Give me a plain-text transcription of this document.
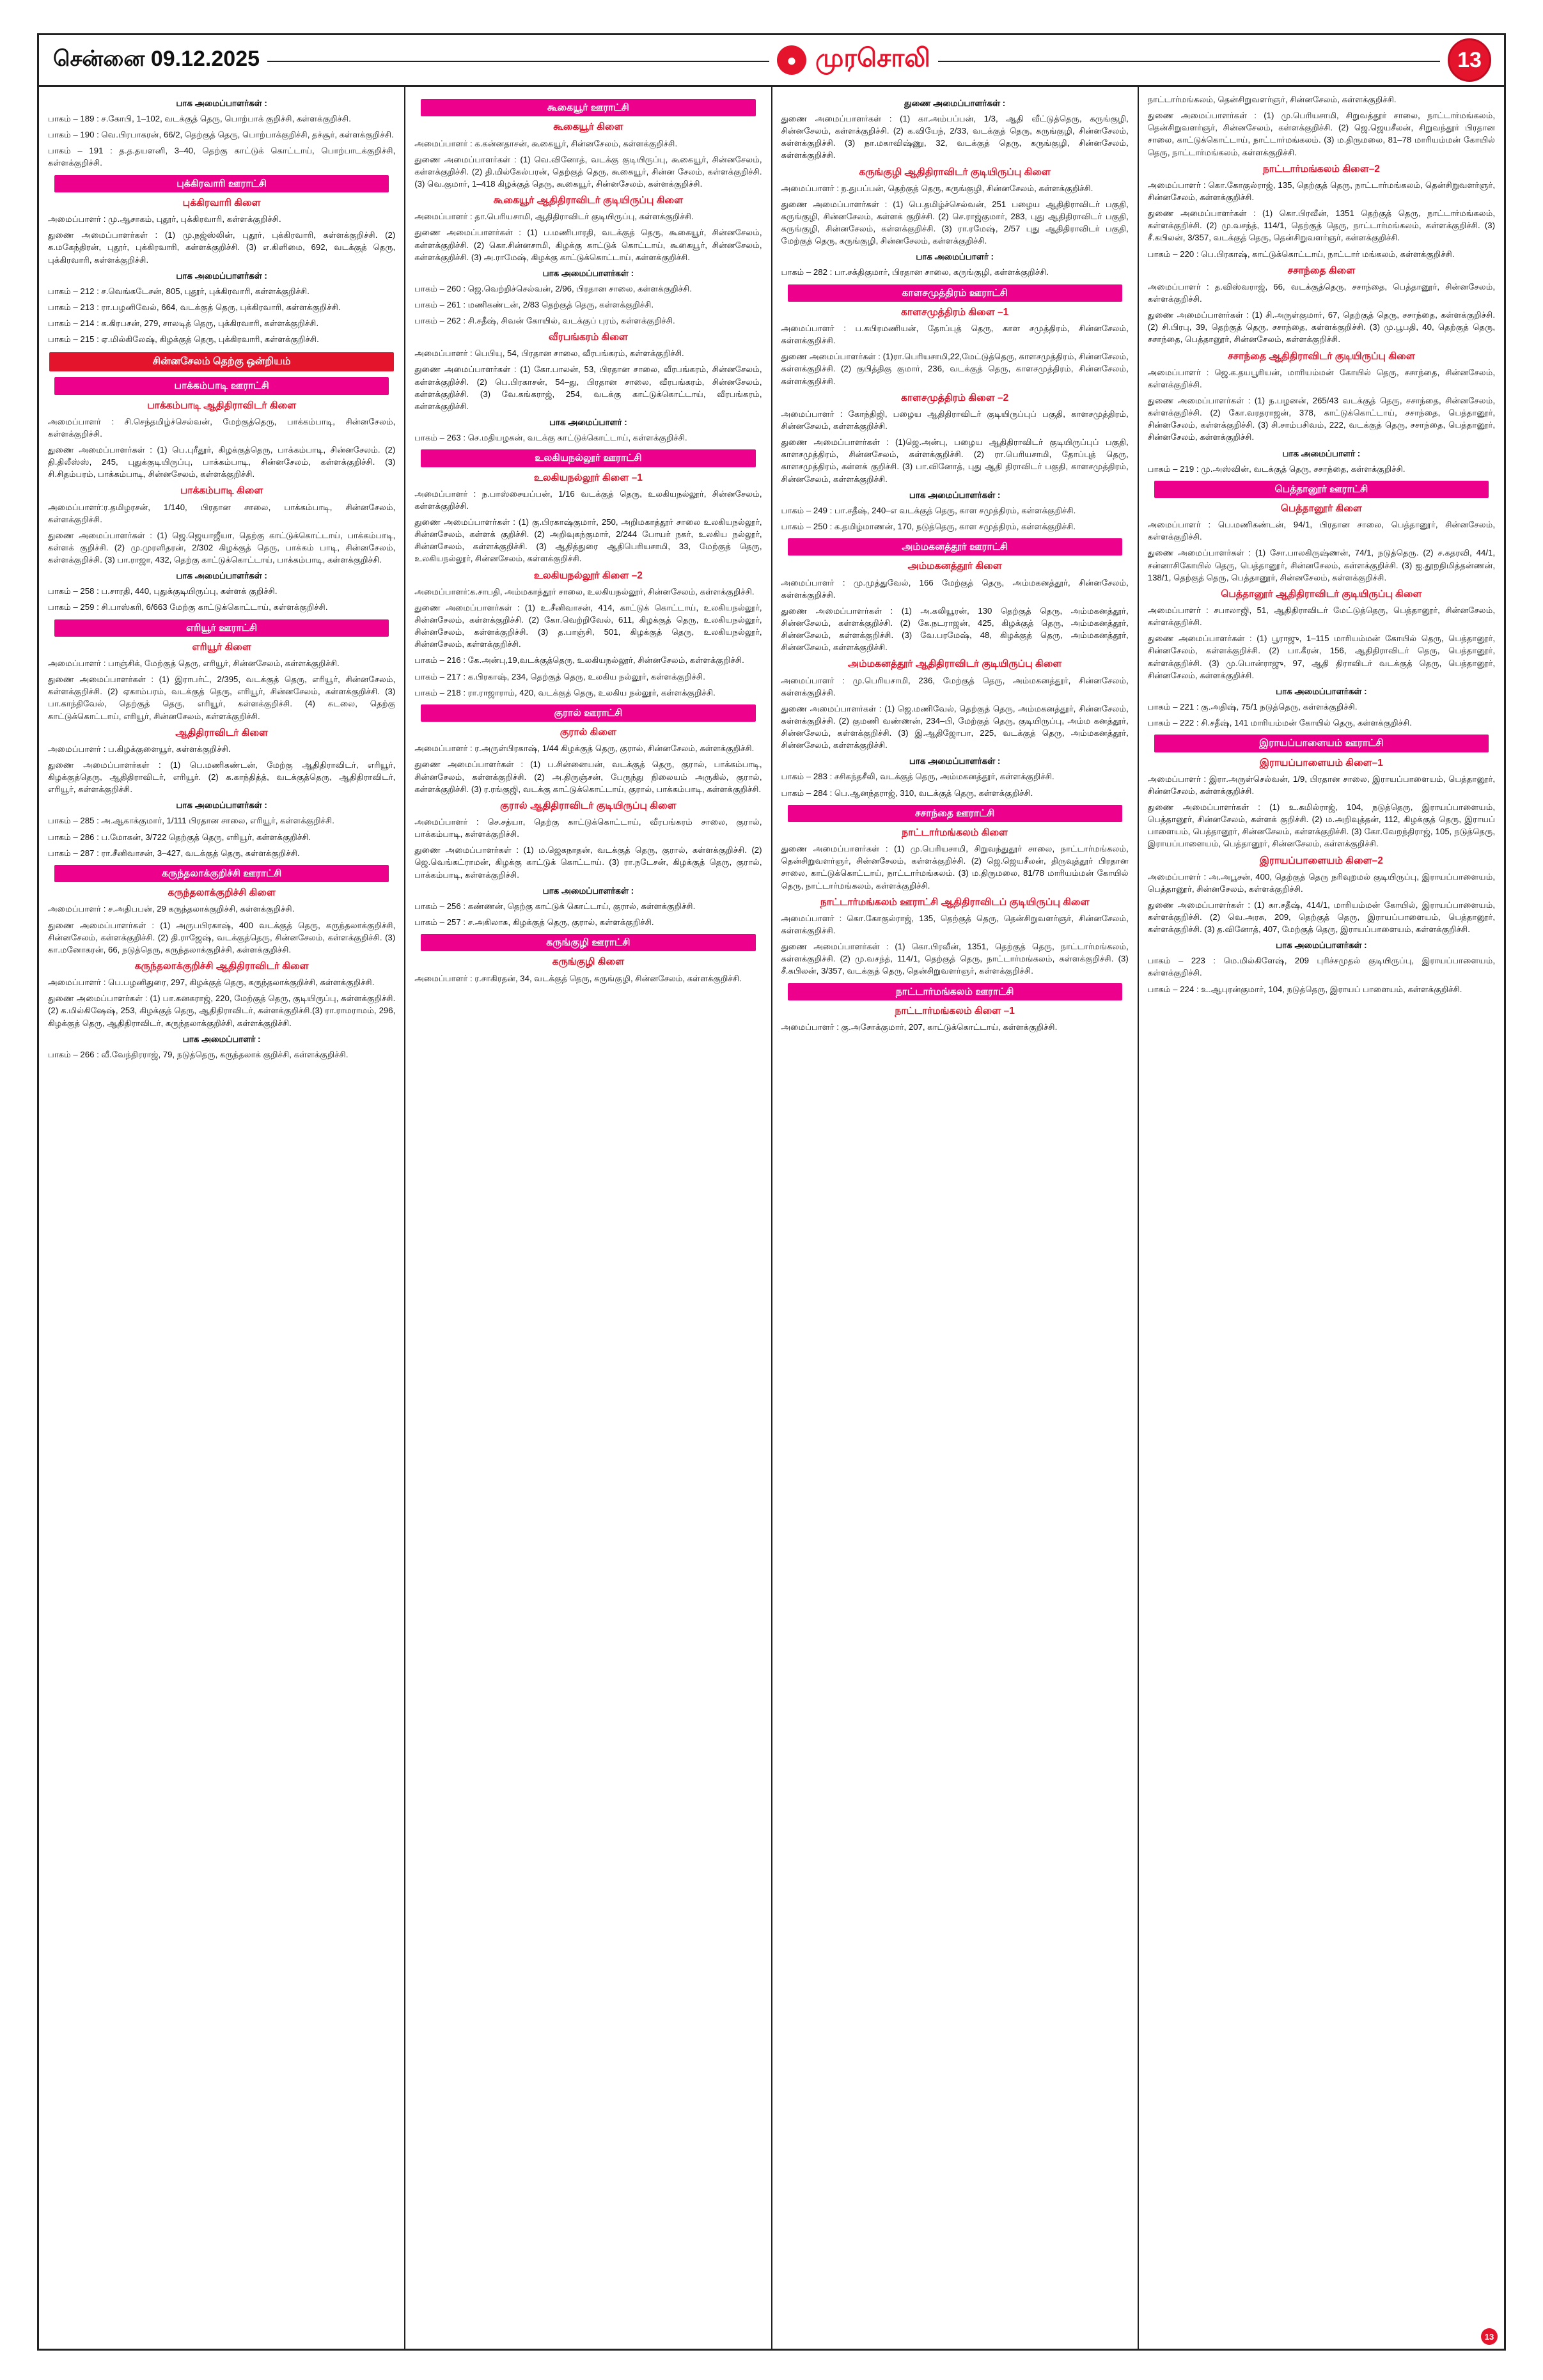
சென்னை 09.12.2025	● முரசொலி	13
பாக அமைப்பாளர்கள் :
பாகம் – 189 : ச.கோபி, 1–102, வடக்குத் தெரு, பொற்பாக் குறிச்சி, கள்ளக்குறிச்சி.
பாகம் – 190 : வெ.பிரபாகரன், 66/2, தெற்குத் தெரு, பொற்பாக்குறிச்சி, தச்சூர், கள்ளக்குறிச்சி.
பாகம் – 191 : த.த.தயளனி, 3–40, தெற்கு காட்டுக் கொட்டாய், பொற்பாடக்குறிச்சி, கள்ளக்குறிச்சி.
புக்கிரவாரி ஊராட்சி
புக்கிரவாரி கிளை
அமைப்பாளர் : மு.ஆசாகம், புதூர், புக்கிரவாரி, கள்ளக்குறிச்சி.
துணை அமைப்பாளர்கள் : (1) மு.நஜ்ஸ்லின், புதூர், புக்கிரவாரி, கள்ளக்குறிச்சி. (2) க.மகேந்திரன், புதூர், புக்கிரவாரி, கள்ளக்குறிச்சி. (3) எ.கிளிமை, 692, வடக்குத் தெரு, புக்கிரவாரி, கள்ளக்குறிச்சி.
பாக அமைப்பாளர்கள் :
பாகம் – 212 : ச.வெங்கடேசன், 805, புதூர், புக்கிரவாரி, கள்ளக்குறிச்சி.
பாகம் – 213 : ரா.பழனிவேல், 664, வடக்குத் தெரு, புக்கிரவாரி, கள்ளக்குறிச்சி.
பாகம் – 214 : க.கிரபசன், 279, சாலடித் தெரு, புக்கிரவாரி, கள்ளக்குறிச்சி.
பாகம் – 215 : ஏ.மில்கிலேஷ், கிழக்குத் தெரு, புக்கிரவாரி, கள்ளக்குறிச்சி.
சின்னசேலம் தெற்கு ஒன்றியம்
பாக்கம்பாடி ஊராட்சி
பாக்கம்பாடி ஆதிதிராவிடர் கிளை
அமைப்பாளர் : சி.செந்தமிழ்ச்செல்வன், மேற்குத்தெரு, பாக்கம்பாடி, சின்னசேலம், கள்ளக்குறிச்சி.
துணை அமைப்பாளர்கள் : (1) பெ.புரீதூர், கிழக்குத்தெரு, பாக்கம்பாடி, சின்னசேலம். (2) தி.திலீஸ்ஸ், 245, புதுக்குடியிருப்பு, பாக்கம்பாடி, சின்னசேலம், கள்ளக்குறிச்சி. (3) சி.சிதம்பரம், பாக்கம்பாடி, சின்னசேலம், கள்ளக்குறிச்சி.
பாக்கம்பாடி கிளை
அமைப்பாளர்:ர.தமிழரசன், 1/140, பிரதான சாலை, பாக்கம்பாடி, சின்னசேலம், கள்ளக்குறிச்சி.
துணை அமைப்பாளர்கள் : (1) ஜெ.ஜெயாஜீயா, தெற்கு காட்டுக்கொட்டாய், பாக்கம்பாடி, கள்ளக் குறிச்சி. (2) மு.முரளிதரன், 2/302 கிழக்குத் தெரு, பாக்கம் பாடி, சின்னசேலம், கள்ளக்குறிச்சி. (3) பா.ராஜா, 432, தெற்கு காட்டுக்கொட்டாய், பாக்கம்பாடி, கள்ளக்குறிச்சி.
பாக அமைப்பாளர்கள் :
பாகம் – 258 : ப.சாரதி, 440, புதுக்குடியிருப்பு, கள்ளக் குறிச்சி.
பாகம் – 259 : சி.பாஸ்கரி, 6/663 மேற்கு காட்டுக்கொட்டாய், கள்ளக்குறிச்சி.
எரியூர் ஊராட்சி
எரியூர் கிளை
அமைப்பாளர் : பாஞ்சிக், மேற்குத் தெரு, எரியூர், சின்னசேலம், கள்ளக்குறிச்சி.
துணை அமைப்பாளர்கள் : (1) இராபர்ட், 2/395, வடக்குத் தெரு, எரியூர், சின்னசேலம், கள்ளக்குறிச்சி. (2) ஏகாம்பரம், வடக்குத் தெரு, எரியூர், சின்னசேலம், கள்ளக்குறிச்சி. (3) பா.காந்திவேல், தெற்குத் தெரு, எரியூர், கள்ளக்குறிச்சி. (4) சுடலை, தெற்கு காட்டுக்கொட்டாய், எரியூர், சின்னசேலம், கள்ளக்குறிச்சி.
ஆதிதிராவிடர் கிளை
அமைப்பாளர் : ப.கிழக்குளையூர், கள்ளக்குறிச்சி.
துணை அமைப்பாளர்கள் : (1) பெ.மணிகண்டன், மேற்கு ஆதிதிராவிடர், எரியூர், கிழக்குத்தெரு, ஆதிதிராவிடர், எரியூர். (2) க.காந்தித்த், வடக்குத்தெரு, ஆதிதிராவிடர், எரியூர், கள்ளக்குறிச்சி.
பாக அமைப்பாளர்கள் :
பாகம் – 285 : அ.ஆகாக்குமார், 1/111 பிரதான சாலை, எரியூர், கள்ளக்குறிச்சி.
பாகம் – 286 : ப.மோகன், 3/722 தெற்குத் தெரு, எரியூர், கள்ளக்குறிச்சி.
பாகம் – 287 : ரா.சீனிவாசன், 3–427, வடக்குத் தெரு, கள்ளக்குறிச்சி.
கருந்தலாக்குறிச்சி ஊராட்சி
கருந்தலாக்குறிச்சி கிளை
அமைப்பாளர் : ச.அதிபபன், 29 கருந்தலாக்குறிச்சி, கள்ளக்குறிச்சி.
துணை அமைப்பாளர்கள் : (1) அருபபிரகாஷ், 400 வடக்குத் தெரு, கருந்தலாக்குறிச்சி, சின்னசேலம், கள்ளக்குறிச்சி. (2) தி.ராஜேஷ், வடக்குத்தெரு, சின்னசேலம், கள்ளக்குறிச்சி. (3) கா.மனோகரன், 66, நடுத்தெரு, கருந்தலாக்குறிச்சி, கள்ளக்குறிச்சி.
கருந்தலாக்குறிச்சி ஆதிதிராவிடர் கிளை
அமைப்பாளர் : பெ.பழனிதுரை, 297, கிழக்குத் தெரு, கருந்தலாக்குறிச்சி, கள்ளக்குறிச்சி.
துணை அமைப்பாளர்கள் : (1) பா.கனகராஜ், 220, மேற்குத் தெரு, குடியிருப்பு, கள்ளக்குறிச்சி. (2) க.மில்கிஷேஷ், 253, கிழக்குத் தெரு, ஆதிதிராவிடர், கள்ளக்குறிச்சி.(3) ரா.ராமராமம், 296, கிழக்குத் தெரு, ஆதிதிராவிடர், கருந்தலாக்குறிச்சி, கள்ளக்குறிச்சி.
பாக அமைப்பாளர் :
பாகம் – 266 : வீ.வேந்திரராஜ், 79, நடுத்தெரு, கருந்தலாக் குறிச்சி, கள்ளக்குறிச்சி.
கூகையூர் ஊராட்சி
கூகையூர் கிளை
அமைப்பாளர் : க.கன்னதாசன், கூகையூர், சின்னசேலம், கள்ளக்குறிச்சி.
துணை அமைப்பாளர்கள் : (1) வெ.வினோத், வடக்கு குடியிருப்பு, கூகையூர், சின்னசேலம், கள்ளக்குறிச்சி. (2) தி.மில்கேல்பரன், தெற்குத் தெரு, கூகையூர், சின்ன சேலம், கள்ளக்குறிச்சி. (3) வெ.குமார், 1–418 கிழக்குத் தெரு, கூகையூர், சின்னசேலம், கள்ளக்குறிச்சி.
கூகையூர் ஆதிதிராவிடர் குடியிருப்பு கிளை
அமைப்பாளர் : தா.பெரியசாமி, ஆதிதிராவிடர் குடியிருப்பு, கள்ளக்குறிச்சி.
துணை அமைப்பாளர்கள் : (1) ப.மணிபாரதி, வடக்குத் தெரு, கூகையூர், சின்னசேலம், கள்ளக்குறிச்சி. (2) கொ.சின்னசாமி, கிழக்கு காட்டுக் கொட்டாய், கூகையூர், சின்னசேலம், கள்ளக்குறிச்சி. (3) அ.ராமேஷ், கிழக்கு காட்டுக்கொட்டாய், கள்ளக்குறிச்சி.
பாக அமைப்பாளர்கள் :
பாகம் – 260 : ஜெ.வெற்றிச்செல்வன், 2/96, பிரதான சாலை, கள்ளக்குறிச்சி.
பாகம் – 261 : மணிகண்டன், 2/83 தெற்குத் தெரு, கள்ளக்குறிச்சி.
பாகம் – 262 : சி.சதீஷ், சிவன் கோயில், வடக்குப் புரம், கள்ளக்குறிச்சி.
வீரபங்கரம் கிளை
அமைப்பாளர் : பெபியு, 54, பிரதான சாலை, வீரபங்கரம், கள்ளக்குறிச்சி.
துணை அமைப்பாளர்கள் : (1) கோ.பாலன், 53, பிரதான சாலை, வீரபங்கரம், சின்னசேலம், கள்ளக்குறிச்சி. (2) பெ.பிரகாசன், 54–து, பிரதான சாலை, வீரபங்கரம், சின்னசேலம், கள்ளக்குறிச்சி. (3) வே.கங்கராஜ், 254, வடக்கு காட்டுக்கொட்டாய், வீரபங்கரம், கள்ளக்குறிச்சி.
பாக அமைப்பாளர் :
பாகம் – 263 : செ.மதியழகன், வடக்கு காட்டுக்கொட்டாய், கள்ளக்குறிச்சி.
உலகியநல்லூர் ஊராட்சி
உலகியநல்லூர் கிளை –1
அமைப்பாளர் : ந.பாஸ்சையப்பன், 1/16 வடக்குத் தெரு, உலகியநல்லூர், சின்னசேலம், கள்ளக்குறிச்சி.
துணை அமைப்பாளர்கள் : (1) கு.பிரகாஷ்குமார், 250, அறிமகாத்தூர் சாலை உலகியநல்லூர், சின்னசேலம், கள்ளக் குறிச்சி. (2) அறிவுகந்குமார், 2/244 போயர் நகர், உலகிய நல்லூர், சின்னசேலம், கள்ளக்குறிச்சி. (3) ஆதித்துரை ஆதிபெரியசாமி, 33, மேற்குத் தெரு, உலகியநல்லூர், சின்னசேலம், கள்ளக்குறிச்சி.
உலகியநல்லூர் கிளை –2
அமைப்பாளர்:க.சாபதி, அம்மகாத்தூர் சாலை, உலகியநல்லூர், சின்னசேலம், கள்ளக்குறிச்சி.
துணை அமைப்பாளர்கள் : (1) உ.சீனிவாசன், 414, காட்டுக் கொட்டாய், உலகியநல்லூர், சின்னசேலம், கள்ளக்குறிச்சி. (2) கோ.வெற்றிவேல், 611, கிழக்குத் தெரு, உலகியநல்லூர், சின்னசேலம், கள்ளக்குறிச்சி. (3) த.பாஞ்சி, 501, கிழக்குத் தெரு, உலகியநல்லூர், சின்னசேலம், கள்ளக்குறிச்சி.
பாகம் – 216 : கே.அன்பு,19,வடக்குத்தெரு, உலகியநல்லூர், சின்னசேலம், கள்ளக்குறிச்சி.
பாகம் – 217 : க.பிரகாஷ், 234, தெற்குத் தெரு, உலகிய நல்லூர், கள்ளக்குறிச்சி.
பாகம் – 218 : ரா.ராஜாராம், 420, வடக்குத் தெரு, உலகிய நல்லூர், கள்ளக்குறிச்சி.
குரால் ஊராட்சி
குரால் கிளை
அமைப்பாளர் : ர.அருள்பிரகாஷ், 1/44 கிழக்குத் தெரு, குரால், சின்னசேலம், கள்ளக்குறிச்சி.
துணை அமைப்பாளர்கள் : (1) ப.சின்னையன், வடக்குத் தெரு, குரால், பாக்கம்பாடி, சின்னசேலம், கள்ளக்குறிச்சி. (2) அ.திருஞ்சன், பேருந்து நிலையம் அருகில், குரால், கள்ளக்குறிச்சி. (3) ர.ரங்குஜி, வடக்கு காட்டுக்கொட்டாய், குரால், பாக்கம்பாடி, கள்ளக்குறிச்சி.
குரால் ஆதிதிராவிடர் குடியிருப்பு கிளை
அமைப்பாளர் : செ.சத்யா, தெற்கு காட்டுக்கொட்டாய், வீரபங்கரம் சாலை, குரால், பாக்கம்பாடி, கள்ளக்குறிச்சி.
துணை அமைப்பாளர்கள் : (1) ம.ஜெகநாதன், வடக்குத் தெரு, குரால், கள்ளக்குறிச்சி. (2) ஜெ.வெங்கட்ராமன், கிழக்கு காட்டுக் கொட்டாய். (3) ரா.நடேசன், கிழக்குத் தெரு, குரால், பாக்கம்பாடி, கள்ளக்குறிச்சி.
பாக அமைப்பாளர்கள் :
பாகம் – 256 : கண்ணன், தெற்கு காட்டுக் கொட்டாய், குரால், கள்ளக்குறிச்சி.
பாகம் – 257 : ச.அகிலாசு, கிழக்குத் தெரு, குரால், கள்ளக்குறிச்சி.
கருங்குழி ஊராட்சி
கருங்குழி கிளை
அமைப்பாளர் : ர.சாகிரதன், 34, வடக்குத் தெரு, கருங்குழி, சின்னசேலம், கள்ளக்குறிச்சி.
துணை அமைப்பாளர்கள் :
துணை அமைப்பாளர்கள் : (1) கா.அம்பப்பன், 1/3, ஆதி வீட்டுத்தெரு, கருங்குழி, சின்னசேலம், கள்ளக்குறிச்சி. (2) க.வியேந், 2/33, வடக்குத் தெரு, கருங்குழி, சின்னசேலம், கள்ளக்குறிச்சி. (3) நா.மகாவிஷ்ணு, 32, வடக்குத் தெரு, கருங்குழி, சின்னசேலம், கள்ளக்குறிச்சி.
கருங்குழி ஆதிதிராவிடர் குடியிருப்பு கிளை
அமைப்பாளர் : ந.துபப்பன், தெற்குத் தெரு, கருங்குழி, சின்னசேலம், கள்ளக்குறிச்சி.
துணை அமைப்பாளர்கள் : (1) பெ.தமிழ்ச்செல்வன், 251 பழைய ஆதிதிராவிடர் பகுதி, கருங்குழி, சின்னசேலம், கள்ளக் குறிச்சி. (2) செ.ராஜ்குமார், 283, புது ஆதிதிராவிடர் பகுதி, கருங்குழி, சின்னசேலம், கள்ளக்குறிச்சி. (3) ரா.ரமேஷ், 2/57 புது ஆதிதிராவிடர் பகுதி, மேற்குத் தெரு, கருங்குழி, சின்னசேலம், கள்ளக்குறிச்சி.
பாக அமைப்பாளர் :
பாகம் – 282 : பா.சக்திகுமார், பிரதான சாலை, கருங்குழி, கள்ளக்குறிச்சி.
காளசமுத்திரம் ஊராட்சி
காளசமுத்திரம் கிளை –1
அமைப்பாளர் : ப.கபிரமணியன், தோப்புத் தெரு, காள சமுத்திரம், சின்னசேலம், கள்ளக்குறிச்சி.
துணை அமைப்பாளர்கள் : (1)ரா.பெரியசாமி,22,மேட்டுத்தெரு, காளசமுத்திரம், சின்னசேலம், கள்ளக்குறிச்சி. (2) குபித்திகு குமார், 236, வடக்குத் தெரு, காளசமுத்திரம், சின்னசேலம், கள்ளக்குறிச்சி.
காளசமுத்திரம் கிளை –2
அமைப்பாளர் : கோந்திஜி, பழைய ஆதிதிராவிடர் குடியிருப்புப் பகுதி, காளசமுத்திரம், சின்னசேலம், கள்ளக்குறிச்சி.
துணை அமைப்பாளர்கள் : (1)ஜெ.அன்பு, பழைய ஆதிதிராவிடர் குடியிருப்புப் பகுதி, காளசமுத்திரம், சின்னசேலம், கள்ளக்குறிச்சி. (2) ரா.பெரியசாமி, தோப்புத் தெரு, காளசமுத்திரம், கள்ளக் குறிச்சி. (3) பா.வினோத், புது ஆதி திராவிடர் பகுதி, காளசமுத்திரம், சின்னசேலம், கள்ளக்குறிச்சி.
பாக அமைப்பாளர்கள் :
பாகம் – 249 : பா.சதீஷ், 240–எ வடக்குத் தெரு, காள சமுத்திரம், கள்ளக்குறிச்சி.
பாகம் – 250 : க.தமிழ்மாணன், 170, நடுத்தெரு, காள சமுத்திரம், கள்ளக்குறிச்சி.
அம்மகனத்தூர் ஊராட்சி
அம்மகனத்தூர் கிளை
அமைப்பாளர் : மு.முத்துவேல், 166 மேற்குத் தெரு, அம்மகனத்தூர், சின்னசேலம், கள்ளக்குறிச்சி.
துணை அமைப்பாளர்கள் : (1) அ.கலியூரன், 130 தெற்குத் தெரு, அம்மகனத்தூர், சின்னசேலம், கள்ளக்குறிச்சி. (2) கே.நடராஜன், 425, கிழக்குத் தெரு, அம்மகனத்தூர், சின்னசேலம், கள்ளக்குறிச்சி. (3) வே.பரமேஷ், 48, கிழக்குத் தெரு, அம்மகனத்தூர், சின்னசேலம், கள்ளக்குறிச்சி.
அம்மகனத்தூர் ஆதிதிராவிடர் குடியிருப்பு கிளை
அமைப்பாளர் : மு.பெரியசாமி, 236, மேற்குத் தெரு, அம்மகனத்தூர், சின்னசேலம், கள்ளக்குறிச்சி.
துணை அமைப்பாளர்கள் : (1) ஜெ.மணிவேல், தெற்குத் தெரு, அம்மகனத்தூர், சின்னசேலம், கள்ளக்குறிச்சி. (2) குமணி வண்ணன், 234–பி, மேற்குத் தெரு, குடியிருப்பு, அம்ம கனத்தூர், சின்னசேலம், கள்ளக்குறிச்சி. (3) இ.ஆதிஜோபா, 225, வடக்குத் தெரு, அம்மகனத்தூர், சின்னசேலம், கள்ளக்குறிச்சி.
பாக அமைப்பாளர்கள் :
பாகம் – 283 : சசிகந்தசீலி, வடக்குத் தெரு, அம்மகனத்தூர், கள்ளக்குறிச்சி.
பாகம் – 284 : பெ.ஆனந்தராஜ், 310, வடக்குத் தெரு, கள்ளக்குறிச்சி.
சசாந்தை ஊராட்சி
நாட்டார்மங்கலம் கிளை
துணை அமைப்பாளர்கள் : (1) மு.பெரியசாமி, சிறுவந்துதூர் சாலை, நாட்டார்மங்கலம், தென்சிறுவளர்ஞர், சின்னசேலம், கள்ளக்குறிச்சி. (2) ஜெ.ஜெயசீலன், திருவுத்தூர் பிரதான சாலை, காட்டுக்கொட்டாய், நாட்டார்மங்கலம். (3) ம.திருமலை, 81/78 மாரியம்மன் கோயில் தெரு, நாட்டார்மங்கலம், கள்ளக்குறிச்சி.
நாட்டார்மங்கலம் ஊராட்சி ஆதிதிராவிடப் குடியிருப்பு கிளை
அமைப்பாளர் : கொ.கோகுல்ராஜ், 135, தெற்குத் தெரு, தென்சிறுவளர்ஞர், சின்னசேலம், கள்ளக்குறிச்சி.
துணை அமைப்பாளர்கள் : (1) கொ.பிரவீன், 1351, தெற்குத் தெரு, நாட்டார்மங்கலம், கள்ளக்குறிச்சி. (2) மு.வசந்த், 114/1, தெற்குத் தெரு, நாட்டார்மங்கலம், கள்ளக்குறிச்சி. (3) சீ.கபிலன், 3/357, வடக்குத் தெரு, தென்சிறுவளர்ஞர், கள்ளக்குறிச்சி.
நாட்டார்மங்கலம் ஊராட்சி
நாட்டார்மங்கலம் கிளை –1
அமைப்பாளர் : கு.அசோக்குமார், 207, காட்டுக்கொட்டாய், கள்ளக்குறிச்சி.
நாட்டார்மங்கலம், தென்சிறுவளர்ஞர், சின்னசேலம், கள்ளக்குறிச்சி.
துணை அமைப்பாளர்கள் : (1) மு.பெரியசாமி, சிறுவத்தூர் சாலை, நாட்டார்மங்கலம், தென்சிறுவளர்ஞர், சின்னசேலம், கள்ளக்குறிச்சி. (2) ஜெ.ஜெயசீலன், சிறுவந்தூர் பிரதான சாலை, காட்டுக்கொட்டாய், நாட்டார்மங்கலம். (3) ம.திருமலை, 81–78 மாரியம்மன் கோயில் தெரு, நாட்டார்மங்கலம், கள்ளக்குறிச்சி.
நாட்டார்மங்கலம் கிளை–2
அமைப்பாளர் : கொ.கோகுல்ராஜ், 135, தெற்குத் தெரு, நாட்டார்மங்கலம், தென்சிறுவளர்ஞர், சின்னசேலம், கள்ளக்குறிச்சி.
துணை அமைப்பாளர்கள் : (1) கொ.பிரவீன், 1351 தெற்குத் தெரு, நாட்டார்மங்கலம், கள்ளக்குறிச்சி. (2) மு.வசந்த், 114/1, தெற்குத் தெரு, நாட்டார்மங்கலம், கள்ளக்குறிச்சி. (3) சீ.கபிலன், 3/357, வடக்குத் தெரு, தென்சிறுவளர்ஞர், கள்ளக்குறிச்சி.
பாகம் – 220 : பெ.பிரகாஷ், காட்டுக்கொட்டாய், நாட்டார் மங்கலம், கள்ளக்குறிச்சி.
சசாந்தை கிளை
அமைப்பாளர் : த.விஸ்வராஜ், 66, வடக்குத்தெரு, சசாந்தை, பெத்தானூர், சின்னசேலம், கள்ளக்குறிச்சி.
துணை அமைப்பாளர்கள் : (1) சி.அருள்குமார், 67, தெற்குத் தெரு, சசாந்தை, கள்ளக்குறிச்சி. (2) சி.பிரபு, 39, தெற்குத் தெரு, சசாந்தை, கள்ளக்குறிச்சி. (3) மு.பூபதி, 40, தெற்குத் தெரு, சசாந்தை, பெத்தானூர், சின்னசேலம், கள்ளக்குறிச்சி.
சசாந்தை ஆதிதிராவிடர் குடியிருப்பு கிளை
அமைப்பாளர் : ஜெ.க.தயபூரியன், மாரியம்மன் கோயில் தெரு, சசாந்தை, சின்னசேலம், கள்ளக்குறிச்சி.
துணை அமைப்பாளர்கள் : (1) ந.பழனன், 265/43 வடக்குத் தெரு, சசாந்தை, சின்னசேலம், கள்ளக்குறிச்சி. (2) கோ.வரதராஜன், 378, காட்டுக்கொட்டாய், சசாந்தை, பெத்தானூர், சின்னசேலம், கள்ளக்குறிச்சி. (3) சி.சாம்பசிவம், 222, வடக்குத் தெரு, சசாந்தை, பெத்தானூர், சின்னசேலம், கள்ளக்குறிச்சி.
பாக அமைப்பாளர் :
பாகம் – 219 : மு.அஸ்வின், வடக்குத் தெரு, சசாந்தை, கள்ளக்குறிச்சி.
பெத்தானூர் ஊராட்சி
பெத்தானூர் கிளை
அமைப்பாளர் : பெ.மணிகண்டன், 94/1, பிரதான சாலை, பெத்தானூர், சின்னசேலம், கள்ளக்குறிச்சி.
துணை அமைப்பாளர்கள் : (1) சோ.பாலகிருஷ்ணன், 74/1, நடுத்தெரு. (2) ச.கதரவி, 44/1, சன்னாசிகோயில் தெரு, பெத்தானூர், சின்னசேலம், கள்ளக்குறிச்சி. (3) ஐ.தூறநிமித்தன்ணன், 138/1, தெற்குத் தெரு, பெத்தானூர், சின்னசேலம், கள்ளக்குறிச்சி.
பெத்தானூர் ஆதிதிராவிடர் குடியிருப்பு கிளை
அமைப்பாளர் : சபாலாஜி, 51, ஆதிதிராவிடர் மேட்டுத்தெரு, பெத்தானூர், சின்னசேலம், கள்ளக்குறிச்சி.
துணை அமைப்பாளர்கள் : (1) பூராஜு, 1–115 மாரியம்மன் கோயில் தெரு, பெத்தானூர், சின்னசேலம், கள்ளக்குறிச்சி. (2) பா.கீரன், 156, ஆதிதிராவிடர் தெரு, பெத்தானூர், கள்ளக்குறிச்சி. (3) மு.பொன்ராஜு, 97, ஆதி திராவிடர் வடக்குத் தெரு, பெத்தானூர், சின்னசேலம், கள்ளக்குறிச்சி.
பாக அமைப்பாளர்கள் :
பாகம் – 221 : கு.அதிஷ், 75/1 நடுத்தெரு, கள்ளக்குறிச்சி.
பாகம் – 222 : சி.சதீஷ், 141 மாரியம்மன் கோயில் தெரு, கள்ளக்குறிச்சி.
இராயப்பாளையம் ஊராட்சி
இராயப்பாளையம் கிளை–1
அமைப்பாளர் : இரா.அருள்செல்வன், 1/9, பிரதான சாலை, இராயப்பாளையம், பெத்தானூர், சின்னசேலம், கள்ளக்குறிச்சி.
துணை அமைப்பாளர்கள் : (1) உ.கமில்ராஜ், 104, நடுத்தெரு, இராயப்பாளையம், பெத்தானூர், சின்னசேலம், கள்ளக் குறிச்சி. (2) ம.அறிவுத்தன், 112, கிழக்குத் தெரு, இராயப் பாளையம், பெத்தானூர், சின்னசேலம், கள்ளக்குறிச்சி. (3) கோ.வேறந்திராஜ், 105, நடுத்தெரு, இராயப்பாளையம், பெத்தானூர், சின்னசேலம், கள்ளக்குறிச்சி.
இராயப்பாளையம் கிளை–2
அமைப்பாளர் : அ.அபூசன், 400, தெற்குத் தெரு நரிவுறமல் குடியிருப்பு, இராயப்பாளையம், பெத்தானூர், சின்னசேலம், கள்ளக்குறிச்சி.
துணை அமைப்பாளர்கள் : (1) கா.சதீஷ், 414/1, மாரியம்மன் கோயில், இராயப்பாளையம், கள்ளக்குறிச்சி. (2) வெ.அரசு, 209, தெற்குத் தெரு, இராயப்பாளையம், பெத்தானூர், கள்ளக்குறிச்சி. (3) த.வினோத், 407, மேற்குத் தெரு, இராயப்பாளையம், கள்ளக்குறிச்சி.
பாக அமைப்பாளர்கள் :
பாகம் – 223 : மெ.மில்கிளேஷ், 209 புரிச்சமுதல் குடியிருப்பு, இராயப்பாளையம், கள்ளக்குறிச்சி.
பாகம் – 224 : உ.ஆபுரன்குமார், 104, நடுத்தெரு, இராயப் பாளையம், கள்ளக்குறிச்சி.
13
